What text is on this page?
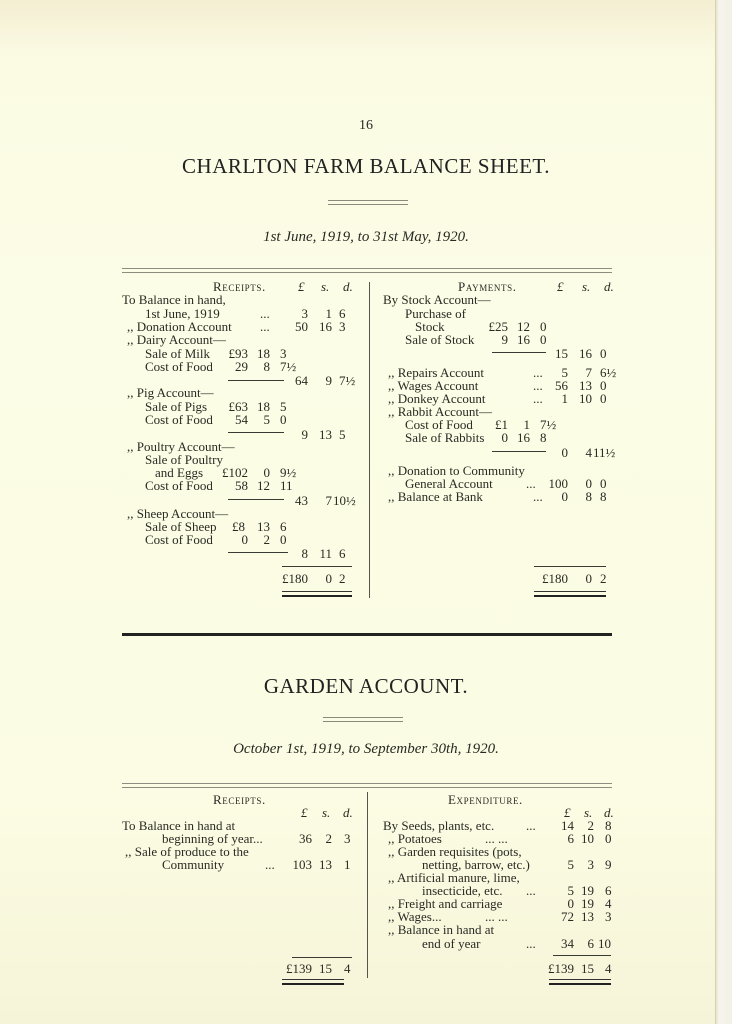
16
CHARLTON FARM BALANCE SHEET.
1st June, 1919, to 31st May, 1920.
Receipts. £ s. d.
To Balance in hand,
1st June, 1919	...	3	1 6
,, Donation Account ...	50 16 3
,, Dairy Account—
Sale of Milk	£93 18 3
Cost of Food	29	8 7½
64	9 7½
,, Pig Account—
Sale of Pigs	£63 18 5
Cost of Food	54	5 0
9 13 5
,, Poultry Account—
Sale of Poultry
and Eggs	£102	0 9½
Cost of Food	58 12 11
43	7 10½
,, Sheep Account—
Sale of Sheep £8 13 6
Cost of Food	0	2 0
8 11 6
£180	0 2
Payments.	£ s. d.
By Stock Account—
Purchase of
Stock	£25 12 0
Sale of Stock	9 16 0
15 16 0
,, Repairs Account	...	5	7 6½
,, Wages Account	... 56 13 0
,, Donkey Account	...	1 10 0
,, Rabbit Account—
Cost of Food	£1	1 7½
Sale of Rabbits	0 16 8
0	4 11½
,, Donation to Community
General Account	... 100	0 0
,, Balance at Bank	...	0	8 8
£180	0 2
GARDEN ACCOUNT.
October 1st, 1919, to September 30th, 1920.
Receipts.
£ s. d.
To Balance in hand at
beginning of year...	36	2 3
,, Sale of produce to the
Community	...	103 13 1
£139 15 4
Expenditure.
£ s. d.
By Seeds, plants, etc. ...	14	2 8
,, Potatoes	... ...	6 10 0
,, Garden requisites (pots,
netting, barrow, etc.)	5	3 9
,, Artificial manure, lime,
insecticide, etc. ...	5 19 6
,, Freight and carriage	0 19 4
,, Wages...	... ...	72 13 3
,, Balance in hand at
end of year	...	34	6 10
£139 15 4
